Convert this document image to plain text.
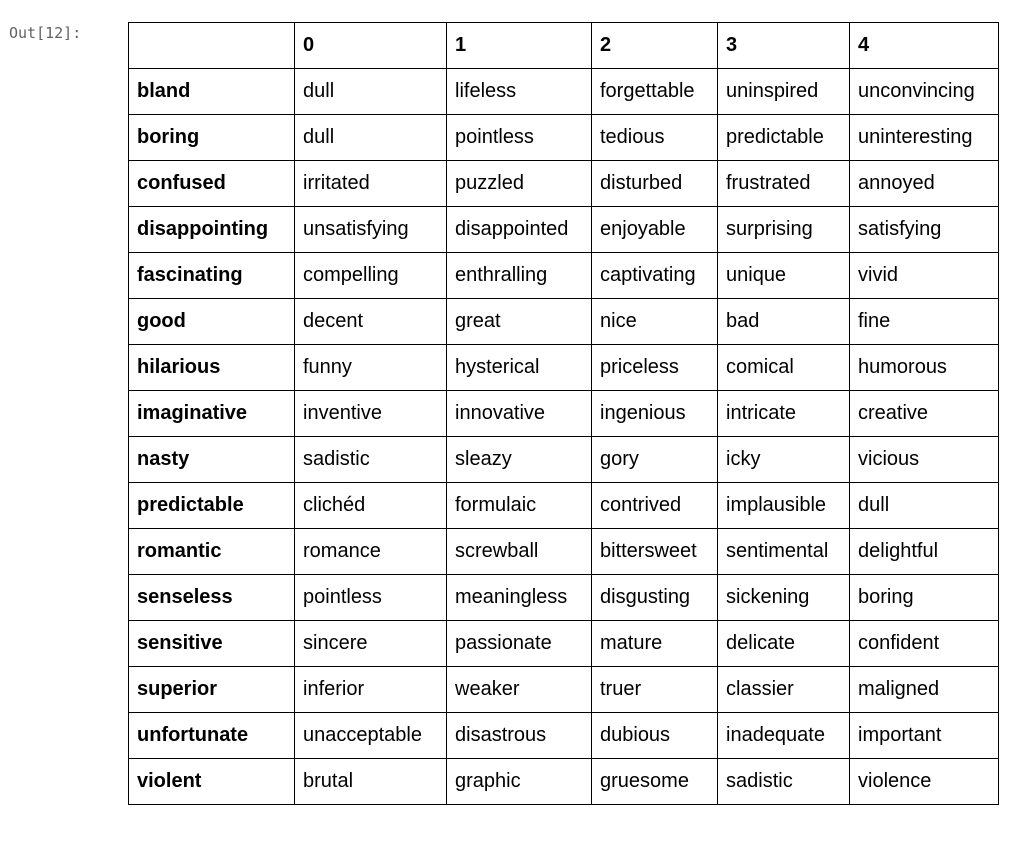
Out[12]:
	0	1	2	3	4
bland	dull	lifeless	forgettable	uninspired	unconvincing
boring	dull	pointless	tedious	predictable	uninteresting
confused	irritated	puzzled	disturbed	frustrated	annoyed
disappointing	unsatisfying	disappointed	enjoyable	surprising	satisfying
fascinating	compelling	enthralling	captivating	unique	vivid
good	decent	great	nice	bad	fine
hilarious	funny	hysterical	priceless	comical	humorous
imaginative	inventive	innovative	ingenious	intricate	creative
nasty	sadistic	sleazy	gory	icky	vicious
predictable	clichéd	formulaic	contrived	implausible	dull
romantic	romance	screwball	bittersweet	sentimental	delightful
senseless	pointless	meaningless	disgusting	sickening	boring
sensitive	sincere	passionate	mature	delicate	confident
superior	inferior	weaker	truer	classier	maligned
unfortunate	unacceptable	disastrous	dubious	inadequate	important
violent	brutal	graphic	gruesome	sadistic	violence
